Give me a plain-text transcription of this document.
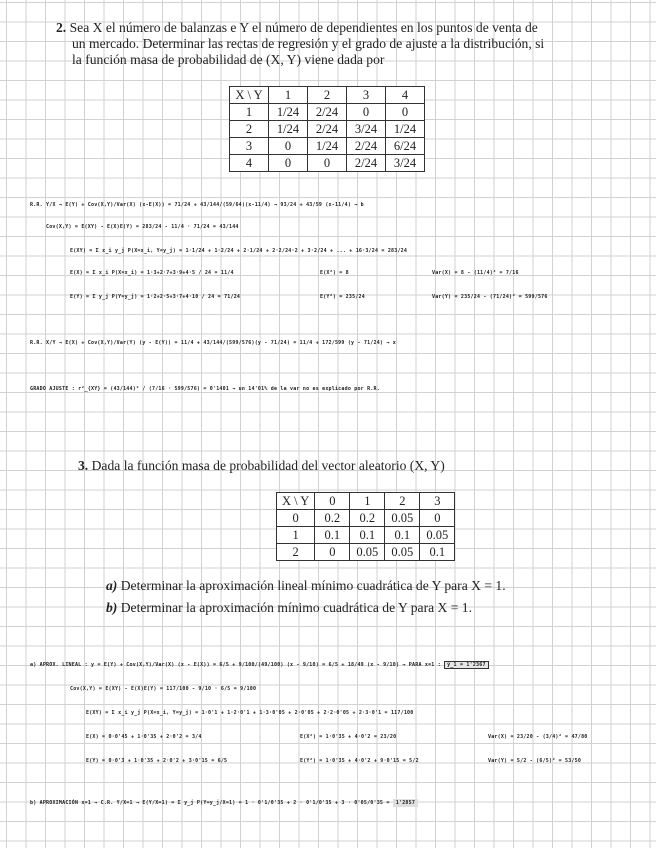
2. Sea X el número de balanzas e Y el número de dependientes en los puntos de venta de
un mercado. Determinar las rectas de regresión y el grado de ajuste a la distribución, si
la función masa de probabilidad de (X, Y) viene dada por
X \ Y	1	2	3	4
1	1/24	2/24	0	0
2	1/24	2/24	3/24	1/24
3	0	1/24	2/24	6/24
4	0	0	2/24	3/24
R.R. Y/X → E(Y) + Cov(X,Y)/Var(X) (x-E(X)) = 71/24 + 43/144/(59/64)(x-11/4) → 93/24 + 43/59 (x-11/4) → b
Cov(X,Y) = E(XY) - E(X)E(Y) = 283/24 - 11/4 · 71/24 = 43/144
E(XY) = Σ x_i y_j P(X=x_i, Y=y_j) = 1·1/24 + 1·2/24 + 2·1/24 + 2·2/24·2 + 3·2/24 + ... + 16·3/24 = 283/24
E(X) = Σ x_i P(X=x_i) = 1·3+2·7+3·9+4·5 / 24 = 11/4	E(X²) = 8	Var(X) = 8 - (11/4)² = 7/16
E(Y) = Σ y_j P(Y=y_j) = 1·2+2·5+3·7+4·10 / 24 = 71/24	E(Y²) = 235/24	Var(Y) = 235/24 - (71/24)² = 599/576
R.R. X/Y → E(X) + Cov(X,Y)/Var(Y) (y - E(Y)) = 11/4 + 43/144/(599/576)(y - 71/24) = 11/4 + 172/599 (y - 71/24) → x
GRADO AJUSTE : r²_{XY} = (43/144)² / (7/16 · 599/576) = 0'1401 → un 14'01% de la var no es explicado por R.R.
3. Dada la función masa de probabilidad del vector aleatorio (X, Y)
X \ Y	0	1	2	3
0	0.2	0.2	0.05	0
1	0.1	0.1	0.1	0.05
2	0	0.05	0.05	0.1
a) Determinar la aproximación lineal mínimo cuadrática de Y para X = 1.
b) Determinar la aproximación mínimo cuadrática de Y para X = 1.
a) APROX. LINEAL : y = E(Y) + Cov(X,Y)/Var(X) (x - E(X)) = 6/5 + 9/100/(49/100) (x - 9/10) = 6/5 + 18/49 (x - 9/10) → PARA x=1 : ŷ_1 = 1'2367
Cov(X,Y) = E(XY) - E(X)E(Y) = 117/100 - 9/10 · 6/5 = 9/100
E(XY) = Σ x_i y_j P(X=x_i, Y=y_j) = 1·0'1 + 1·2·0'1 + 1·3·0'05 + 2·0'05 + 2·2·0'05 + 2·3·0'1 = 117/100
E(X) = 0·0'45 + 1·0'35 + 2·0'2 = 3/4	E(X²) = 1·0'35 + 4·0'2 = 23/20	Var(X) = 23/20 - (3/4)² = 47/80
E(Y) = 0·0'3 + 1·0'35 + 2·0'2 + 3·0'15 = 6/5	E(Y²) = 1·0'35 + 4·0'2 + 9·0'15 = 5/2	Var(Y) = 5/2 - (6/5)² = 53/50
b) APROXIMACIÓN x=1 → C.R. Y/X=1 → E(Y/X=1) = Σ y_j P(Y=y_j/X=1) = 1 · 0'1/0'35 + 2 · 0'1/0'35 + 3 · 0'05/0'35 = 1'2857
